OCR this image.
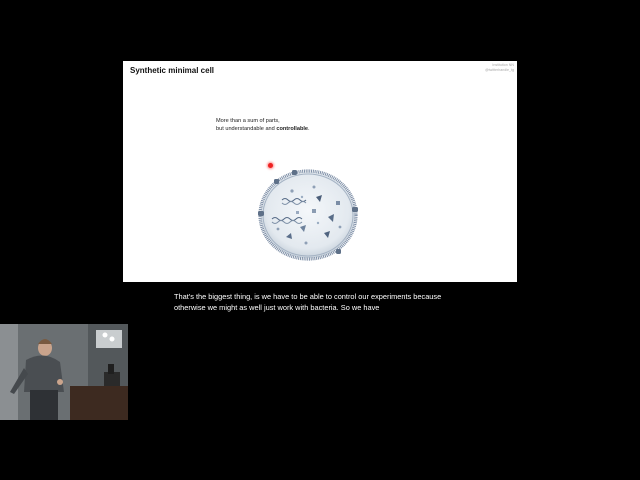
Synthetic minimal cell
Institution NN
@twitterhandle_tg
More than a sum of parts,
but understandable and controllable.
That's the biggest thing, is we have to be able to control our experiments because
otherwise we might as well just work with bacteria. So we have
